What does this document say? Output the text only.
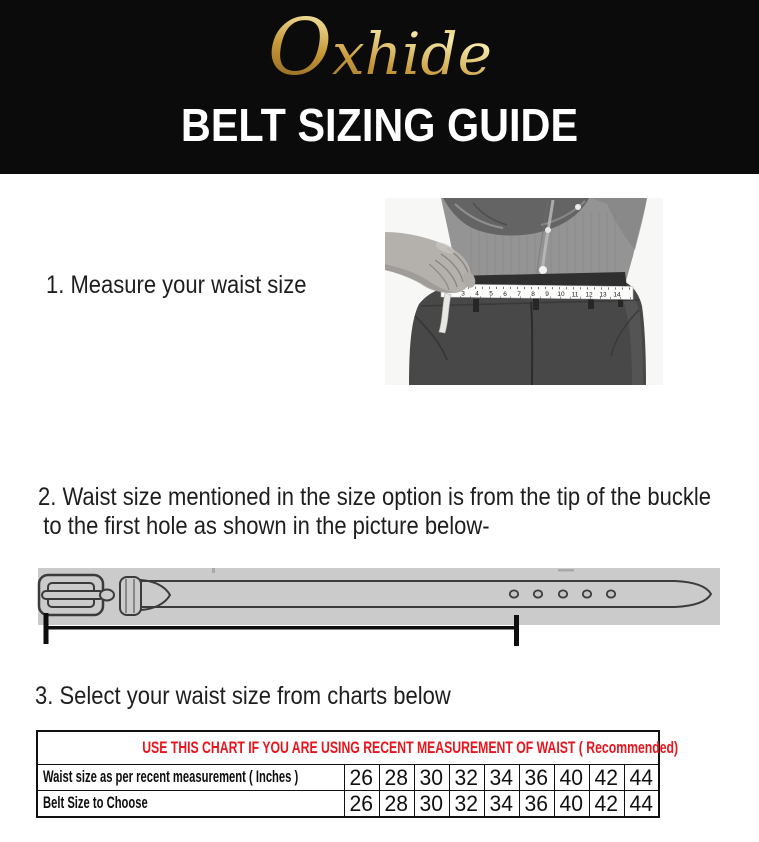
Oxhide
BELT SIZING GUIDE
1. Measure your waist size	3 4 5 6 7 8 9 10 11 12 13 14
2. Waist size mentioned in the size option is from the tip of the buckle
to the first hole as shown in the picture below-
3. Select your waist size from charts below
USE THIS CHART IF YOU ARE USING RECENT MEASUREMENT OF WAIST ( Recommended)									
Waist size as per recent measurement ( Inches )	26	28	30	32	34	36	40	42	44
Belt Size to Choose	26	28	30	32	34	36	40	42	44
